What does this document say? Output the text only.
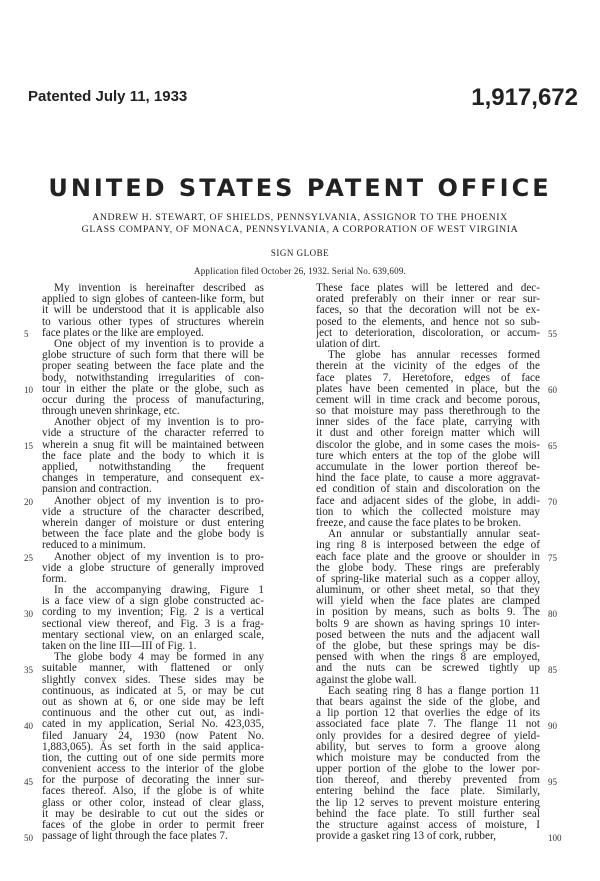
Patented July 11, 1933	1,917,672
UNITED STATES PATENT OFFICE
ANDREW H. STEWART, OF SHIELDS, PENNSYLVANIA, ASSIGNOR TO THE PHOENIX
GLASS COMPANY, OF MONACA, PENNSYLVANIA, A CORPORATION OF WEST VIRGINIA
SIGN GLOBE
Application filed October 26, 1932. Serial No. 639,609.
My invention is hereinafter described as
applied to sign globes of canteen-like form, but
it will be understood that it is applicable also
to various other types of structures wherein
face plates or the like are employed.
One object of my invention is to provide a
globe structure of such form that there will be
proper seating between the face plate and the
body, notwithstanding irregularities of con-
tour in either the plate or the globe, such as
occur during the process of manufacturing,
through uneven shrinkage, etc.
Another object of my invention is to pro-
vide a structure of the character referred to
wherein a snug fit will be maintained between
the face plate and the body to which it is
applied, notwithstanding the frequent
changes in temperature, and consequent ex-
pansion and contraction.
Another object of my invention is to pro-
vide a structure of the character described,
wherein danger of moisture or dust entering
between the face plate and the globe body is
reduced to a minimum.
Another object of my invention is to pro-
vide a globe structure of generally improved
form.
In the accompanying drawing, Figure 1
is a face view of a sign globe constructed ac-
cording to my invention; Fig. 2 is a vertical
sectional view thereof, and Fig. 3 is a frag-
mentary sectional view, on an enlarged scale,
taken on the line III—III of Fig. 1.
The globe body 4 may be formed in any
suitable manner, with flattened or only
slightly convex sides. These sides may be
continuous, as indicated at 5, or may be cut
out as shown at 6, or one side may be left
continuous and the other cut out, as indi-
cated in my application, Serial No. 423,035,
filed January 24, 1930 (now Patent No.
1,883,065). As set forth in the said applica-
tion, the cutting out of one side permits more
convenient access to the interior of the globe
for the purpose of decorating the inner sur-
faces thereof. Also, if the globe is of white
glass or other color, instead of clear glass,
it may be desirable to cut out the sides or
faces of the globe in order to permit freer
passage of light through the face plates 7.
These face plates will be lettered and dec-
orated preferably on their inner or rear sur-
faces, so that the decoration will not be ex-
posed to the elements, and hence not so sub-
ject to deterioration, discoloration, or accum-
ulation of dirt.
The globe has annular recesses formed
therein at the vicinity of the edges of the
face plates 7. Heretofore, edges of face
plates have been cemented in place, but the
cement will in time crack and become porous,
so that moisture may pass therethrough to the
inner sides of the face plate, carrying with
it dust and other foreign matter which will
discolor the globe, and in some cases the mois-
ture which enters at the top of the globe will
accumulate in the lower portion thereof be-
hind the face plate, to cause a more aggravat-
ed condition of stain and discoloration on the
face and adjacent sides of the globe, in addi-
tion to which the collected moisture may
freeze, and cause the face plates to be broken.
An annular or substantially annular seat-
ing ring 8 is interposed between the edge of
each face plate and the groove or shoulder in
the globe body. These rings are preferably
of spring-like material such as a copper alloy,
aluminum, or other sheet metal, so that they
will yield when the face plates are clamped
in position by means, such as bolts 9. The
bolts 9 are shown as having springs 10 inter-
posed between the nuts and the adjacent wall
of the globe, but these springs may be dis-
pensed with when the rings 8 are employed,
and the nuts can be screwed tightly up
against the globe wall.
Each seating ring 8 has a flange portion 11
that bears against the side of the globe, and
a lip portion 12 that overlies the edge of its
associated face plate 7. The flange 11 not
only provides for a desired degree of yield-
ability, but serves to form a groove along
which moisture may be conducted from the
upper portion of the globe to the lower por-
tion thereof, and thereby prevented from
entering behind the face plate. Similarly,
the lip 12 serves to prevent moisture entering
behind the face plate. To still further seal
the structure against access of moisture, I
provide a gasket ring 13 of cork, rubber,
5
10
15
20
25
30
35
40
45
50
55
60
65
70
75
80
85
90
95
100
